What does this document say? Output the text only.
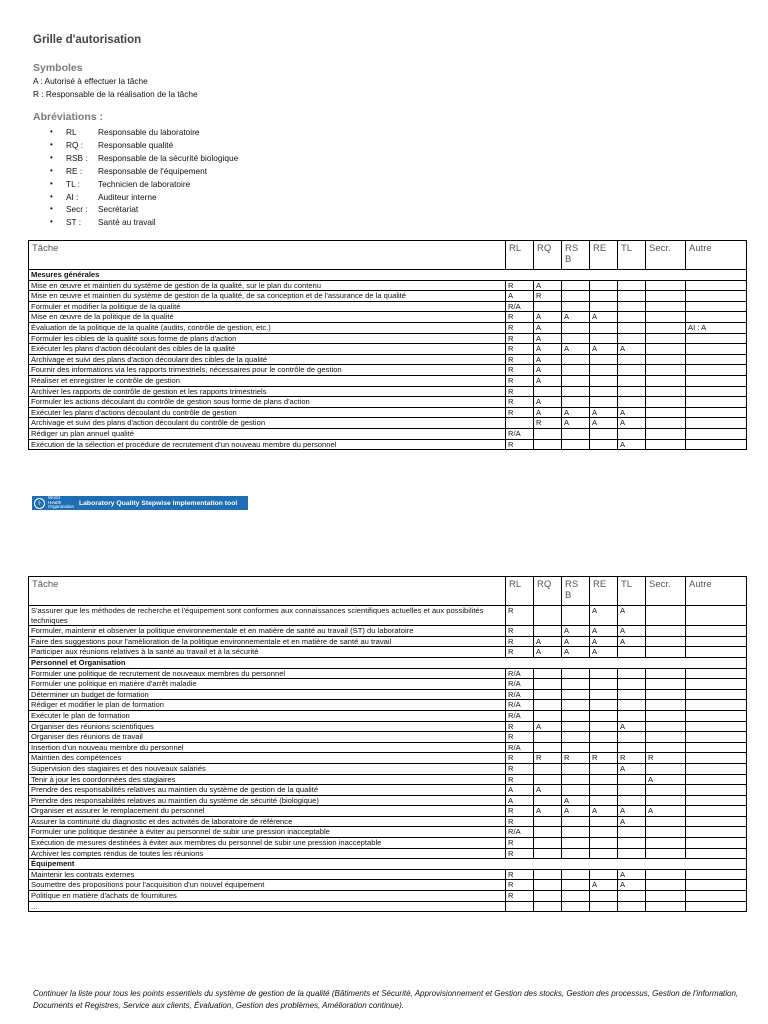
Grille d'autorisation
Symboles
A : Autorisé à effectuer la tâche
R : Responsable de la réalisation de la tâche
Abréviations :
•	RL	Responsable du laboratoire
•	RQ :	Responsable qualité
•	RSB :	Responsable de la sécurité biologique
•	RE :	Responsable de l'équipement
•	TL :	Technicien de laboratoire
•	AI :	Auditeur interne
•	Secr :	Secrétariat
•	ST :	Santé au travail
Tâche	RL	RQ	RS B	RE	TL	Secr.	Autre
Mesures générales							
Mise en œuvre et maintien du système de gestion de la qualité, sur le plan du contenu	R	A					
Mise en œuvre et maintien du système de gestion de la qualité, de sa conception et de l'assurance de la qualité	A	R					
Formuler et modifier la politique de la qualité	R/A						
Mise en œuvre de la politique de la qualité	R	A	A	A			
Évaluation de la politique de la qualité (audits, contrôle de gestion, etc.)	R	A					AI : A
Formuler les cibles de la qualité sous forme de plans d'action	R	A					
Exécuter les plans d'action découlant des cibles de la qualité	R	A	A	A	A		
Archivage et suivi des plans d'action découlant des cibles de la qualité	R	A					
Fournir des informations via les rapports trimestriels, nécessaires pour le contrôle de gestion	R	A					
Réaliser et enregistrer le contrôle de gestion	R	A					
Archiver les rapports de contrôle de gestion et les rapports trimestriels	R						
Formuler les actions découlant du contrôle de gestion sous forme de plans d'action	R	A					
Exécuter les plans d'actions découlant du contrôle de gestion	R	A	A	A	A		
Archivage et suivi des plans d'action découlant du contrôle de gestion		R	A	A	A		
Rédiger un plan annuel qualité	R/A						
Exécution de la sélection et procédure de recrutement d'un nouveau membre du personnel	R				A		
⚕
World Health Organization
Laboratory Quality Stepwise Implementation tool
Tâche	RL	RQ	RS B	RE	TL	Secr.	Autre
S'assurer que les méthodes de recherche et l'équipement sont conformes aux connaissances scientifiques actuelles et aux possibilités techniques	R			A	A		
Formuler, maintenir et observer la politique environnementale et en matière de santé au travail (ST) du laboratoire	R		A	A	A		
Faire des suggestions pour l'amélioration de la politique environnementale et en matière de santé au travail	R	A	A	A	A		
Participer aux réunions relatives à la santé au travail et à la sécurité	R	A	A	A			
Personnel et Organisation							
Formuler une politique de recrutement de nouveaux membres du personnel	R/A						
Formuler une politique en matière d'arrêt maladie	R/A						
Déterminer un budget de formation	R/A						
Rédiger et modifier le plan de formation	R/A						
Exécuter le plan de formation	R/A						
Organiser des réunions scientifiques	R	A			A		
Organiser des réunions de travail	R						
Insertion d'un nouveau membre du personnel	R/A						
Maintien des compétences	R	R	R	R	R	R	
Supervision des stagiaires et des nouveaux salariés	R				A		
Tenir à jour les coordonnées des stagiaires	R					A	
Prendre des responsabilités relatives au maintien du système de gestion de la qualité	A	A					
Prendre des responsabilités relatives au maintien du système de sécurité (biologique)	A		A				
Organiser et assurer le remplacement du personnel	R	A	A	A	A	A	
Assurer la continuité du diagnostic et des activités de laboratoire de référence	R				A		
Formuler une politique destinée à éviter au personnel de subir une pression inacceptable	R/A						
Exécution de mesures destinées à éviter aux membres du personnel de subir une pression inacceptable	R						
Archiver les comptes rendus de toutes les réunions	R						
Équipement							
Maintenir les contrats externes	R				A		
Soumettre des propositions pour l'acquisition d'un nouvel équipement	R			A	A		
Politique en matière d'achats de fournitures	R						
...							
Continuer la liste pour tous les points essentiels du système de gestion de la qualité (Bâtiments et Sécurité, Approvisionnement et Gestion des stocks, Gestion des processus, Gestion de l'information, Documents et Registres, Service aux clients, Évaluation, Gestion des problèmes, Amélioration continue).
